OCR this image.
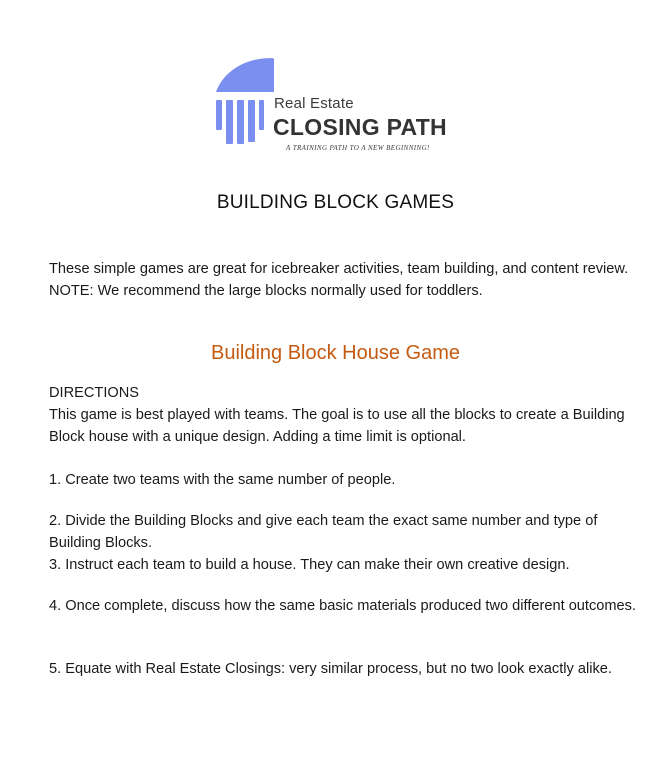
Real Estate
CLOSING PATH
A TRAINING PATH TO A NEW BEGINNING!
BUILDING BLOCK GAMES

These simple games are great for icebreaker activities, team building, and content review. NOTE: We recommend the large blocks normally used for toddlers.

Building Block House Game

DIRECTIONS

This game is best played with teams. The goal is to use all the blocks to create a Building Block house with a unique design. Adding a time limit is optional.

1. Create two teams with the same number of people.

2. Divide the Building Blocks and give each team the exact same number and type of Building Blocks.

3. Instruct each team to build a house. They can make their own creative design.

4. Once complete, discuss how the same basic materials produced two different outcomes.

5. Equate with Real Estate Closings: very similar process, but no two look exactly alike.
